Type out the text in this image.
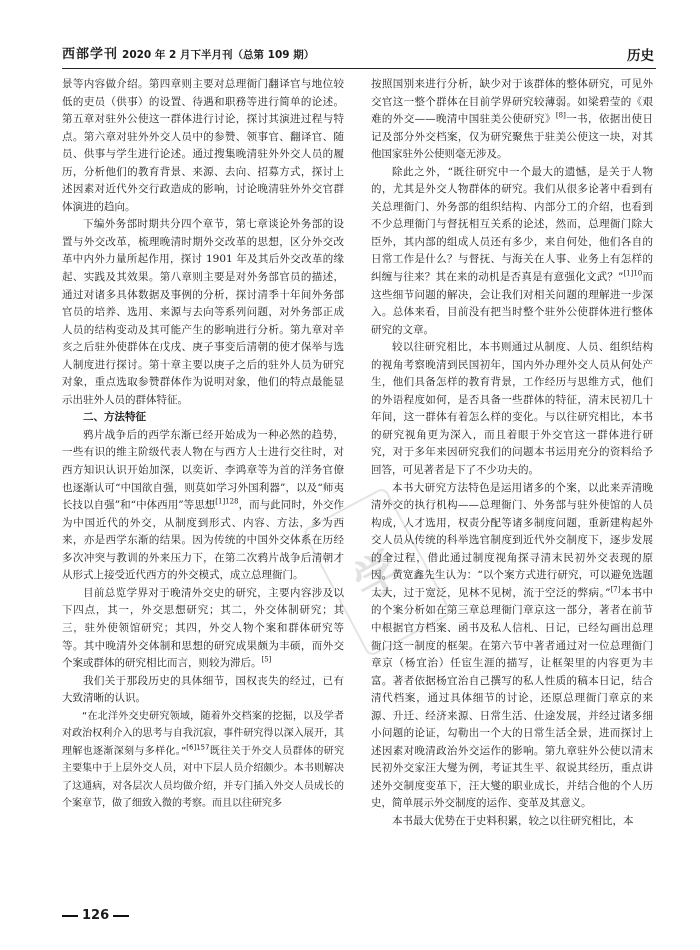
西部学刊 2020 年 2 月下半月刊（总第 109 期）	历史
学

景等内容做介绍。第四章则主要对总理衙门翻译官与地位较低的吏员（供事）的设置、待遇和职務等进行简单的论述。第五章对驻外公使这一群体进行讨论，探讨其演进过程与特点。第六章对驻外外交人员中的参赞、领事官、翻译官、随员、供事与学生进行论述。通过搜集晚清驻外外交人员的履历，分析他们的教育背景、来源、去向、招募方式，探讨上述因素对近代外交行政造成的影响，讨论晚清驻外外交官群体演进的趋向。

下编外务部时期共分四个章节，第七章谈论外务部的设置与外交改革，梳理晚清时期外交改革的思想，区分外交改革中内外力量所起作用，探讨 1901 年及其后外交改革的缘起、实践及其效果。第八章则主要是对外务部官员的描述，通过对诸多具体数据及事例的分析，探讨清季十年间外务部官员的培养、选用、来源与去向等系列问题，对外务部正成人员的结构变动及其可能产生的影响进行分析。第九章对辛亥之后驻外使群体在戊戌、庚子事变后清朝的使才保举与选人制度进行探讨。第十章主要以庚子之后的驻外人员为研究对象，重点选取参赞群体作为说明对象，他们的特点最能显示出驻外人员的群体特征。

二、方法特征

鸦片战争后的西学东渐已经开始成为一种必然的趋势，一些有识的维主阶级代表人物在与西方人士进行交往时，对西方知识认识开始加深，以奕䜣、李鸿章等为首的洋务官僚也逐渐认可“中国欲自强，则莫如学习外国利器”，以及“师夷长技以自强”和“中体西用”等思想$^{[1]128}$，而与此同时，外交作为中国近代的外交，从制度到形式、内容、方法，多为西来，亦是西学东渐的结果。因为传统的中国外交体系在历经多次冲突与教训的外来压力下，在第二次鸦片战争后清朝才从形式上接受近代西方的外交模式，成立总理衙门。

目前总览学界对于晚清外交史的研究，主要内容涉及以下四点，其一，外交思想研究；其二，外交体制研究；其三，驻外使领馆研究；其四，外交人物个案和群体研究等等。其中晚清外交体制和思想的研究成果颇为丰硕，而外交个案或群体的研究相比而言，则较为滞后。[5]

我们关于那段历史的具体细节，国权丧失的经过，已有大致清晰的认识。

“在北洋外交史研究领域，随着外交档案的挖掘，以及学者对政治权利介入的思考与自我沉寂，事件研究得以深入展开，其理解也逐渐深刻与多样化。”$^{[6]157}$既往关于外交人员群体的研究主要集中于上层外交人员，对中下层人员介绍颇少。本书则解决了这通病，对各层次人员均做介绍，并专门插入外交人员成长的个案章节，做了细致入微的考察。而且以往研究多

按照国别来进行分析，缺少对于该群体的整体研究，可见外交官这一整个群体在目前学界研究较薄弱。如梁碧莹的《艰难的外交——晚清中国驻美公使研究》[8]一书，依据出使日记及部分外交档案，仅为研究聚焦于驻美公使这一块，对其他国家驻外公使则毫无涉及。

除此之外，“既往研究中一个最大的遗憾，是关于人物的，尤其是外交人物群体的研究。我们从很多论著中看到有关总理衙门、外务部的组织结构、内部分工的介绍，也看到不少总理衙门与督抚相互关系的论述，然而，总理衙门除大臣外，其内部的组成人员还有多少，来自何处，他们各自的日常工作是什么？与督抚、与海关在人事、业务上有怎样的纠缠与往来？其在来的动机是否真是有意强化文武？”$^{[1]10}$而这些细节问题的解决，会让我们对相关问题的理解进一步深入。总体来看，目前没有把当时整个驻外公使群体进行整体研究的文章。

较以往研究相比，本书则通过从制度、人员、组织结构的视角考察晚清到民国初年，国内外办理外交人员从何处产生，他们具备怎样的教育背景，工作经历与思维方式，他们的外语程度如何，是否具备一些群体的特征，清末民初几十年间，这一群体有着怎么样的变化。与以往研究相比，本书的研究视角更为深入，而且着眼于外交官这一群体进行研究，对于多年来因研究我们的问题本书运用充分的资料给予回答，可见著者是下了不少功夫的。

本书大研究方法特色是运用诸多的个案，以此来弄清晚清外交的执行机构——总理衙门、外务部与驻外使馆的人员构成，人才选用，权责分配等诸多制度问题，重新建构起外交人员从传统的科举选官制度到近代外交制度下，逐步发展的全过程，借此通过制度视角探寻清末民初外交表现的原因。黄宽鑫先生认为：“以个案方式进行研究，可以避免选题太大，过于宽泛，见林不见树，流于空泛的弊病。”[7]本书中的个案分析如在第三章总理衙门章京这一部分，著者在前节中根据官方档案、函书及私人信札、日记，已经勾画出总理衙门这一制度的框架。在第六节中著者通过对一位总理衙门章京（杨宜治）任宦生涯的描写，让框架里的内容更为丰富。著者依据杨宜治自己撰写的私人性质的稿本日记，结合清代档案，通过具体细节的讨论，还原总理衙门章京的来源、升迁、经济来源、日常生活、仕途发展，并经过诸多细小问题的论证，勾勒出一个大的日常生活全景，进而探讨上述因素对晚清政治外交运作的影响。第九章驻外公使以清末民初外交家汪大燮为例，考证其生平、叙说其经历，重点讲述外交制度变革下，汪大燮的职业成长，并结合他的个人历史，简单展示外交制度的运作、变革及其意义。

本书最大优势在于史料积累，较之以往研究相比，本

126
